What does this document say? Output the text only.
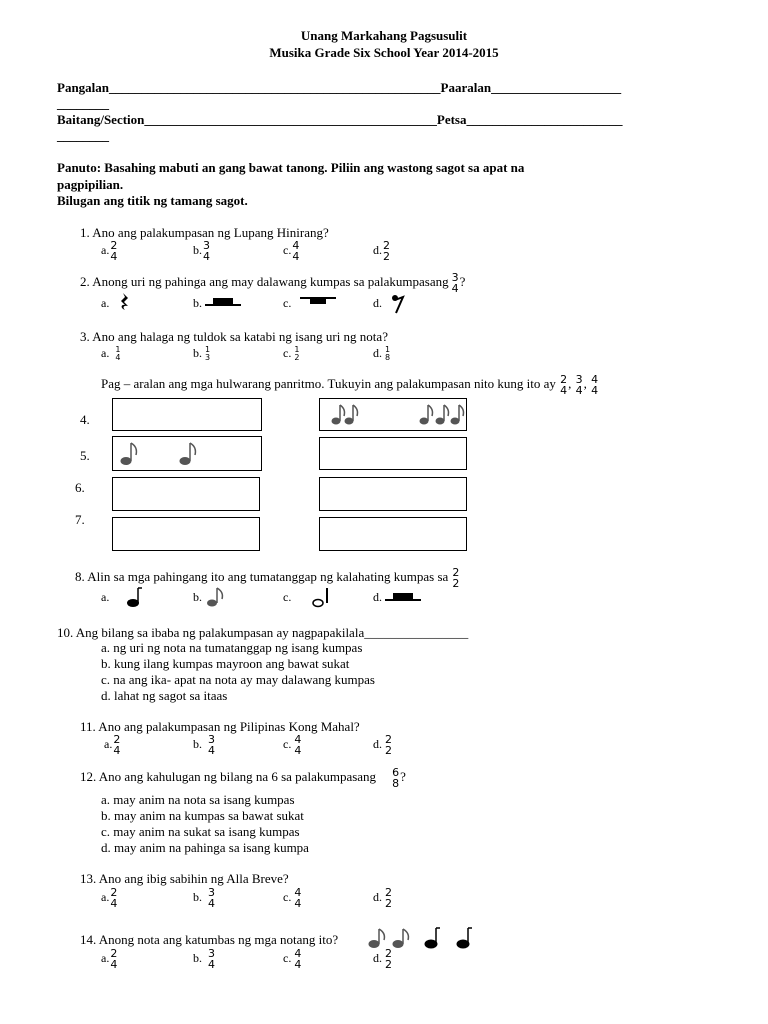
Unang Markahang Pagsusulit
Musika Grade Six School Year 2014-2015
Pangalan___________________________________________________Paaralan____________________
________
Baitang/Section_____________________________________________Petsa________________________
________
Panuto: Basahing mabuti an gang bawat tanong. Piliin ang wastong sagot sa apat na
pagpipilian.
Bilugan ang titik ng tamang sagot.
1. Ano ang palakumpasan ng Lupang Hinirang?
a. 2
4	b. 3
4	c. 4
4	d. 2
2
2. Anong uri ng pahinga ang may dalawang kumpas sa palakumpasang 3
4 ?
a.	b.	c.	d.
3. Ano ang halaga ng tuldok sa katabi ng isang uri ng nota?
a. 1
4	b. 1
3	c. 1
2	d. 1
8
Pag – aralan ang mga hulwarang panritmo. Tukuyin ang palakumpasan nito kung ito ay 2
4 , 3
4 , 4
4
4.
5.
6.
7.
8. Alin sa mga pahingang ito ang tumatanggap ng kalahating kumpas sa 2
2
a.	b.	c.	d.
10. Ang bilang sa ibaba ng palakumpasan ay nagpapakilala________________
a. ng uri ng nota na tumatanggap ng isang kumpas
b. kung ilang kumpas mayroon ang bawat sukat
c. na ang ika- apat na nota ay may dalawang kumpas
d. lahat ng sagot sa itaas
11. Ano ang palakumpasan ng Pilipinas Kong Mahal?
a. 2
4	b. 3
4	c. 4
4	d. 2
2
12. Ano ang kahulugan ng bilang na 6 sa palakumpasang 6
8 ?
a. may anim na nota sa isang kumpas
b. may anim na kumpas sa bawat sukat
c. may anim na sukat sa isang kumpas
d. may anim na pahinga sa isang kumpa
13. Ano ang ibig sabihin ng Alla Breve?
a. 2
4	b. 3
4	c. 4
4	d. 2
2
14. Anong nota ang katumbas ng mga notang ito?
a. 2
4	b. 3
4	c. 4
4	d. 2
2
